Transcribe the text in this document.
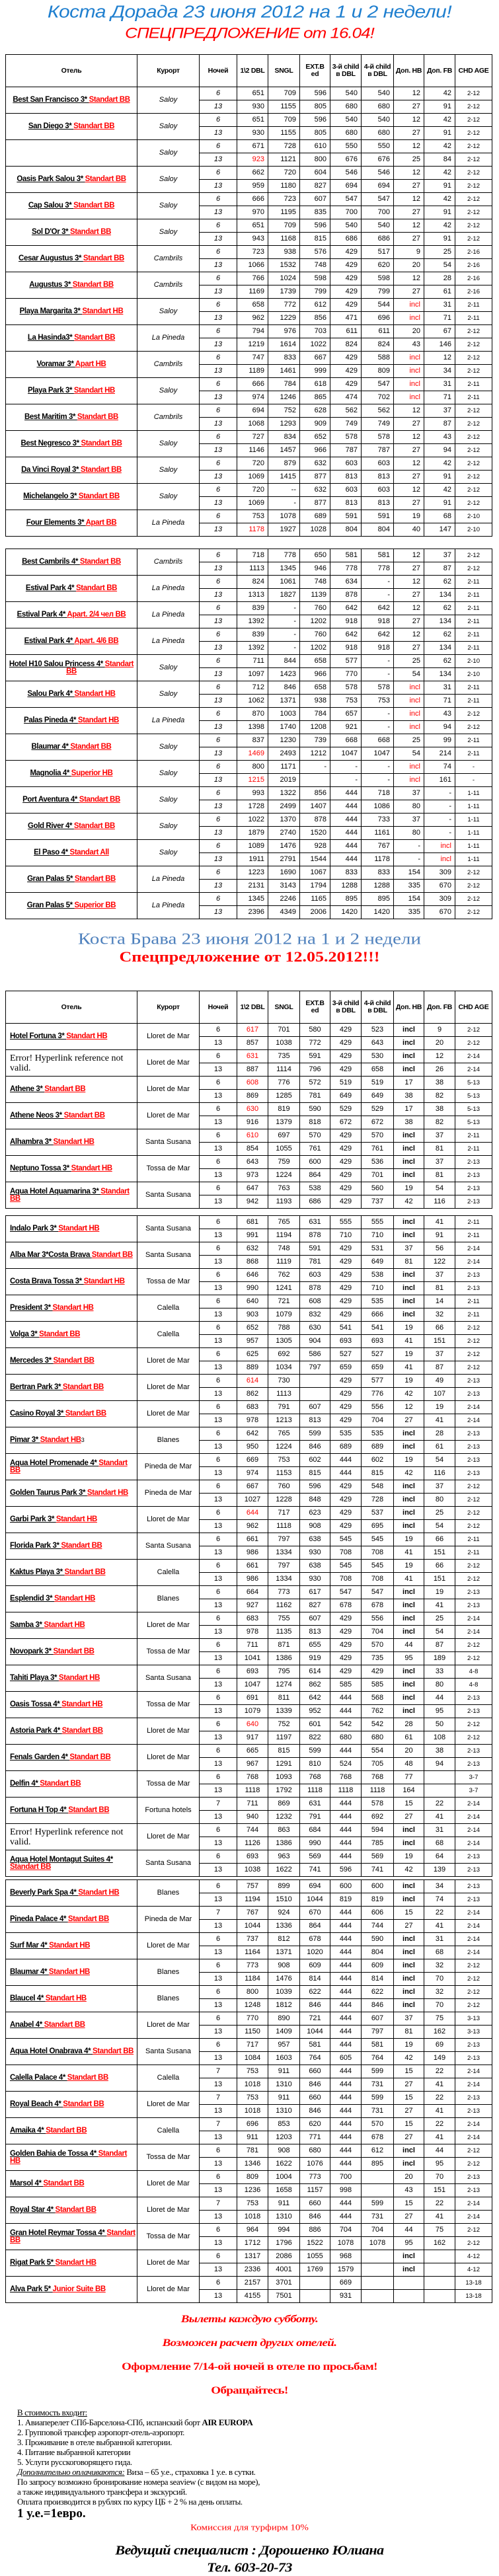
Коста Дорада 23 июня 2012 на 1 и 2 недели!
СПЕЦПРЕДЛОЖЕНИЕ от 16.04!
Отель	Курорт	Ночей	1\2 DBL	SNGL	EXT.B ed	3-й child в DBL	4-й child в DBL	Доп. HB	Доп. FB	CHD AGE
Best San Francisco 3* Standart BB	Saloy	6	651	709	596	540	540	12	42	2-12
		13	930	1155	805	680	680	27	91	2-12
San Diego 3* Standart BB	Saloy	6	651	709	596	540	540	12	42	2-12
		13	930	1155	805	680	680	27	91	2-12
	Saloy	6	671	728	610	550	550	12	42	2-12
		13	923	1121	800	676	676	25	84	2-12
Oasis Park Salou 3* Standart BB	Saloy	6	662	720	604	546	546	12	42	2-12
		13	959	1180	827	694	694	27	91	2-12
Cap Salou 3* Standart BB	Saloy	6	666	723	607	547	547	12	42	2-12
		13	970	1195	835	700	700	27	91	2-12
Sol D'Or 3* Standart BB	Saloy	6	651	709	596	540	540	12	42	2-12
		13	943	1168	815	686	686	27	91	2-12
Cesar Augustus 3* Standart BB	Cambrils	6	723	938	576	429	517	9	25	2-16
		13	1066	1532	748	429	620	20	54	2-16
Augustus 3* Standart BB	Cambrils	6	766	1024	598	429	598	12	28	2-16
		13	1169	1739	799	429	799	27	61	2-16
Playa Margarita 3* Standart HB	Saloy	6	658	772	612	429	544	incl	31	2-11
		13	962	1229	856	471	696	incl	71	2-11
La Hasinda3* Standart BB	La Pineda	6	794	976	703	611	611	20	67	2-12
		13	1219	1614	1022	824	824	43	146	2-12
Voramar 3* Apart HB	Cambrils	6	747	833	667	429	588	incl	12	2-12
		13	1189	1461	999	429	809	incl	34	2-12
Playa Park 3* Standart HB	Saloy	6	666	784	618	429	547	incl	31	2-11
		13	974	1246	865	474	702	incl	71	2-11
Best Maritim 3* Standart BB	Cambrils	6	694	752	628	562	562	12	37	2-12
		13	1068	1293	909	749	749	27	87	2-12
Best Negresco 3* Standart BB	Saloy	6	727	834	652	578	578	12	43	2-12
		13	1146	1457	966	787	787	27	94	2-12
Da Vinci Royal 3* Standart BB	Saloy	6	720	879	632	603	603	12	42	2-12
		13	1069	1415	877	813	813	27	91	2-12
Michelangelo 3* Standart BB	Saloy	6	720	--	632	603	603	12	42	2-12
		13	1069	-	877	813	813	27	91	2-12
Four Elements 3* Apart BB	La Pineda	6	753	1078	689	591	591	19	68	2-10
		13	1178	1927	1028	804	804	40	147	2-10

Best Cambrils 4* Standart BB	Cambrils	6	718	778	650	581	581	12	37	2-12
		13	1113	1345	946	778	778	27	87	2-12
Estival Park 4* Standart BB	La Pineda	6	824	1061	748	634	-	12	62	2-11
		13	1313	1827	1139	878	-	27	134	2-11
Estival Park 4* Apart. 2/4 чел BB	La Pineda	6	839	-	760	642	642	12	62	2-11
		13	1392	-	1202	918	918	27	134	2-11
Estival Park 4* Apart. 4/6 BB	La Pineda	6	839	-	760	642	642	12	62	2-11
		13	1392	-	1202	918	918	27	134	2-11
Hotel H10 Salou Princess 4* Standart BB	Saloy	6	711	844	658	577	-	25	62	2-10
		13	1097	1423	966	770	-	54	134	2-10
Salou Park 4* Standart HB	Saloy	6	712	846	658	578	578	incl	31	2-11
		13	1062	1371	938	753	753	incl	71	2-11
Palas Pineda 4* Standart HB	La Pineda	6	870	1003	784	657	-	incl	43	2-12
		13	1398	1740	1208	921	-	incl	94	2-12
Blaumar 4* Standart BB	Saloy	6	837	1230	739	668	668	25	99	2-11
		13	1469	2493	1212	1047	1047	54	214	2-11
Magnolia 4* Superior HB	Saloy	6	800	1171	-	-	-	incl	74	-
		13	1215	2019		-	-	incl	161	-
Port Aventura 4* Standart BB	Saloy	6	993	1322	856	444	718	37	-	1-11
		13	1728	2499	1407	444	1086	80	-	1-11
Gold River 4* Standart BB	Saloy	6	1022	1370	878	444	733	37	-	1-11
		13	1879	2740	1520	444	1161	80	-	1-11
El Paso 4* Standart All	Saloy	6	1089	1476	928	444	767	-	incl	1-11
		13	1911	2791	1544	444	1178	-	incl	1-11
Gran Palas 5* Standart BB	La Pineda	6	1223	1690	1067	833	833	154	309	2-12
		13	2131	3143	1794	1288	1288	335	670	2-12
Gran Palas 5* Superior BB	La Pineda	6	1345	2246	1165	895	895	154	309	2-12
		13	2396	4349	2006	1420	1420	335	670	2-12
Коста Брава 23 июня 2012 на 1 и 2 недели
Спецпредложение от 12.05.2012!!!
Отель	Курорт	Ночей	1\2 DBL	SNGL	EXT.B ed	3-й child в DBL	4-й child в DBL	Доп. HB	Доп. FB	CHD AGE
Hotel Fortuna 3* Standart HB	Lloret de Mar	6	617	701	580	429	523	incl	9	2-12
		13	857	1038	772	429	643	incl	20	2-12
Error! Hyperlink reference not valid.	Lloret de Mar	6	631	735	591	429	530	incl	12	2-14
		13	887	1114	796	429	658	incl	26	2-14
Athene 3* Standart BB	Lloret de Mar	6	608	776	572	519	519	17	38	5-13
		13	869	1285	781	649	649	38	82	5-13
Athene Neos 3* Standart BB	Lloret de Mar	6	630	819	590	529	529	17	38	5-13
		13	916	1379	818	672	672	38	82	5-13
Alhambra 3* Standart HB	Santa Susana	6	610	697	570	429	570	incl	37	2-11
		13	854	1055	761	429	761	incl	81	2-11
Neptuno Tossa 3* Standart HB	Tossa de Mar	6	643	759	600	429	536	incl	37	2-13
		13	973	1224	864	429	701	incl	81	2-13
Aqua Hotel Aquamarina 3* Standart BB	Santa Susana	6	647	763	538	429	560	19	54	2-13
		13	942	1193	686	429	737	42	116	2-13

Indalo Park 3* Standart HB	Santa Susana	6	681	765	631	555	555	incl	41	2-11
		13	991	1194	878	710	710	incl	91	2-11
Alba Mar 3*Costa Brava Standart BB	Santa Susana	6	632	748	591	429	531	37	56	2-14
		13	868	1119	781	429	649	81	122	2-14
Costa Brava Tossa 3* Standart HB	Tossa de Mar	6	646	762	603	429	538	incl	37	2-13
		13	990	1241	878	429	710	incl	81	2-13
President 3* Standart HB	Calella	6	640	721	608	429	535	incl	14	2-11
		13	903	1079	832	429	666	incl	32	2-11
Volga 3* Standart BB	Calella	6	652	788	630	541	541	19	66	2-12
		13	957	1305	904	693	693	41	151	2-12
Mercedes 3* Standart BB	Lloret de Mar	6	625	692	586	527	527	19	37	2-12
		13	889	1034	797	659	659	41	87	2-12
Bertran Park 3* Standart BB	Lloret de Mar	6	614	730		429	577	19	49	2-13
		13	862	1113		429	776	42	107	2-13
Casino Royal 3* Standart BB	Lloret de Mar	6	683	791	607	429	556	12	19	2-14
		13	978	1213	813	429	704	27	41	2-14
Pimar 3* Standart HB3	Blanes	6	642	765	599	535	535	incl	28	2-13
		13	950	1224	846	689	689	incl	61	2-13
Aqua Hotel Promenade 4* Standart BB	Pineda de Mar	6	669	753	602	444	602	19	54	2-13
		13	974	1153	815	444	815	42	116	2-13
Golden Taurus Park 3* Standart HB	Pineda de Mar	6	667	760	596	429	548	incl	37	2-12
		13	1027	1228	848	429	728	incl	80	2-12
Garbi Park 3* Standart HB	Lloret de Mar	6	644	717	623	429	537	incl	25	2-12
		13	962	1118	908	429	695	incl	54	2-12
Florida Park 3* Standart BB	Santa Susana	6	661	797	638	545	545	19	66	2-11
		13	986	1334	930	708	708	41	151	2-11
Kaktus Playa 3* Standart BB	Calella	6	661	797	638	545	545	19	66	2-12
		13	986	1334	930	708	708	41	151	2-12
Esplendid 3* Standart HB	Blanes	6	664	773	617	547	547	incl	19	2-13
		13	927	1162	827	678	678	incl	41	2-13
Samba 3* Standart HB	Lloret de Mar	6	683	755	607	429	556	incl	25	2-14
		13	978	1135	813	429	704	incl	54	2-14
Novopark 3* Standart BB	Tossa de Mar	6	711	871	655	429	570	44	87	2-12
		13	1041	1386	919	429	735	95	189	2-12
Tahiti Playa 3* Standart HB	Santa Susana	6	693	795	614	429	429	incl	33	4-8
		13	1047	1274	862	585	585	incl	80	4-8
Oasis Tossa 4* Standart HB	Tossa de Mar	6	691	811	642	444	568	incl	44	2-13
		13	1079	1339	952	444	762	incl	95	2-13
Astoria Park 4* Standart BB	Lloret de Mar	6	640	752	601	542	542	28	50	2-12
		13	917	1197	822	680	680	61	108	2-12
Fenals Garden 4* Standart BB	Lloret de Mar	6	665	815	599	444	554	20	38	2-13
		13	967	1291	810	524	705	48	94	2-13
Delfin 4* Standart BB	Tossa de Mar	6	768	1093	768	768	768	77		3-7
		13	1118	1792	1118	1118	1118	164		3-7
Fortuna H Top 4* Standart BB	Fortuna hotels	7	711	869	631	444	578	15	22	2-14
		13	940	1232	791	444	692	27	41	2-14
Error! Hyperlink reference not valid.	Lloret de Mar	6	744	863	684	444	594	incl	31	2-14
		13	1126	1386	990	444	785	incl	68	2-14
Aqua Hotel Montagut Suites 4* Standart BB	Santa Susana	6	693	963	569	444	569	19	64	2-13
		13	1038	1622	741	596	741	42	139	2-13

Beverly Park Spa 4* Standart HB	Blanes	6	757	899	694	600	600	incl	34	2-13
		13	1194	1510	1044	819	819	incl	74	2-13
Pineda Palace 4* Standart BB	Pineda de Mar	7	767	924	670	444	606	15	22	2-14
		13	1044	1336	864	444	744	27	41	2-14
Surf Mar 4* Standart HB	Lloret de Mar	6	737	812	678	444	590	incl	31	2-14
		13	1164	1371	1020	444	804	incl	68	2-14
Blaumar 4* Standart HB	Blanes	6	773	908	609	444	609	incl	32	2-12
		13	1184	1476	814	444	814	incl	70	2-12
Blaucel 4* Standart HB	Blanes	6	800	1039	622	444	622	incl	32	2-12
		13	1248	1812	846	444	846	incl	70	2-12
Anabel 4* Standart BB	Lloret de Mar	6	770	890	721	444	607	37	75	3-13
		13	1150	1409	1044	444	797	81	162	3-13
Aqua Hotel Onabrava 4* Standart BB	Santa Susana	6	717	957	581	444	581	19	69	2-13
		13	1084	1603	764	605	764	42	149	2-13
Calella Palace 4* Standart BB	Calella	7	753	911	660	444	599	15	22	2-14
		13	1018	1310	846	444	731	27	41	2-14
Royal Beach 4* Standart BB	Lloret de Mar	7	753	911	660	444	599	15	22	2-13
		13	1018	1310	846	444	731	27	41	2-13
Amaika 4* Standart BB	Calella	7	696	853	620	444	570	15	22	2-14
		13	911	1203	771	444	678	27	41	2-14
Golden Bahia de Tossa 4* Standart HB	Tossa de Mar	6	781	908	680	444	612	incl	44	2-12
		13	1346	1622	1076	444	895	incl	95	2-12
Marsol 4* Standart BB	Lloret de Mar	6	809	1004	773	700		20	70	2-13
		13	1236	1658	1157	998		43	151	2-13
Royal Star 4* Standart BB	Lloret de Mar	7	753	911	660	444	599	15	22	2-14
		13	1018	1310	846	444	731	27	41	2-14
Gran Hotel Reymar Tossa 4* Standart BB	Tossa de Mar	6	964	994	886	704	704	44	75	2-12
		13	1712	1796	1522	1078	1078	95	162	2-12
Rigat Park 5* Standart HB	Lloret de Mar	6	1317	2086	1055	968		incl		4-12
		13	2336	4001	1769	1579		incl		4-12
Alva Park 5* Junior Suite BB	Lloret de Mar	6	2157	3701		669				13-18
		13	4155	7501		931				13-18
Вылеты каждую субботу.
Возможен расчет других отелей.
Оформление 7/14-ой ночей в отеле по просьбам!
Обращайтесь!
В стоимость входит:
1. Авиаперелет СПб-Барселона-СПб, испанский борт AIR EUROPA
2. Групповой трансфер аэропорт-отель-аэропорт.
3. Проживание в отеле выбранной категории.
4. Питание выбранной категории
5. Услуги русскоговорящего гида.
Дополнительно оплачиваются: Виза – 65 у.е., страховка 1 у.е. в сутки.
По запросу возможно бронирование номера seaview (с видом на море),
а также индивидуального трансфера и экскурсий.
Оплата производится в рублях по курсу ЦБ + 2 % на день оплаты.
1 у.е.=1евро.
Комиссия для турфирм 10%
Ведущий специалист : Дорошенко Юлиана
Тел. 603-20-73
